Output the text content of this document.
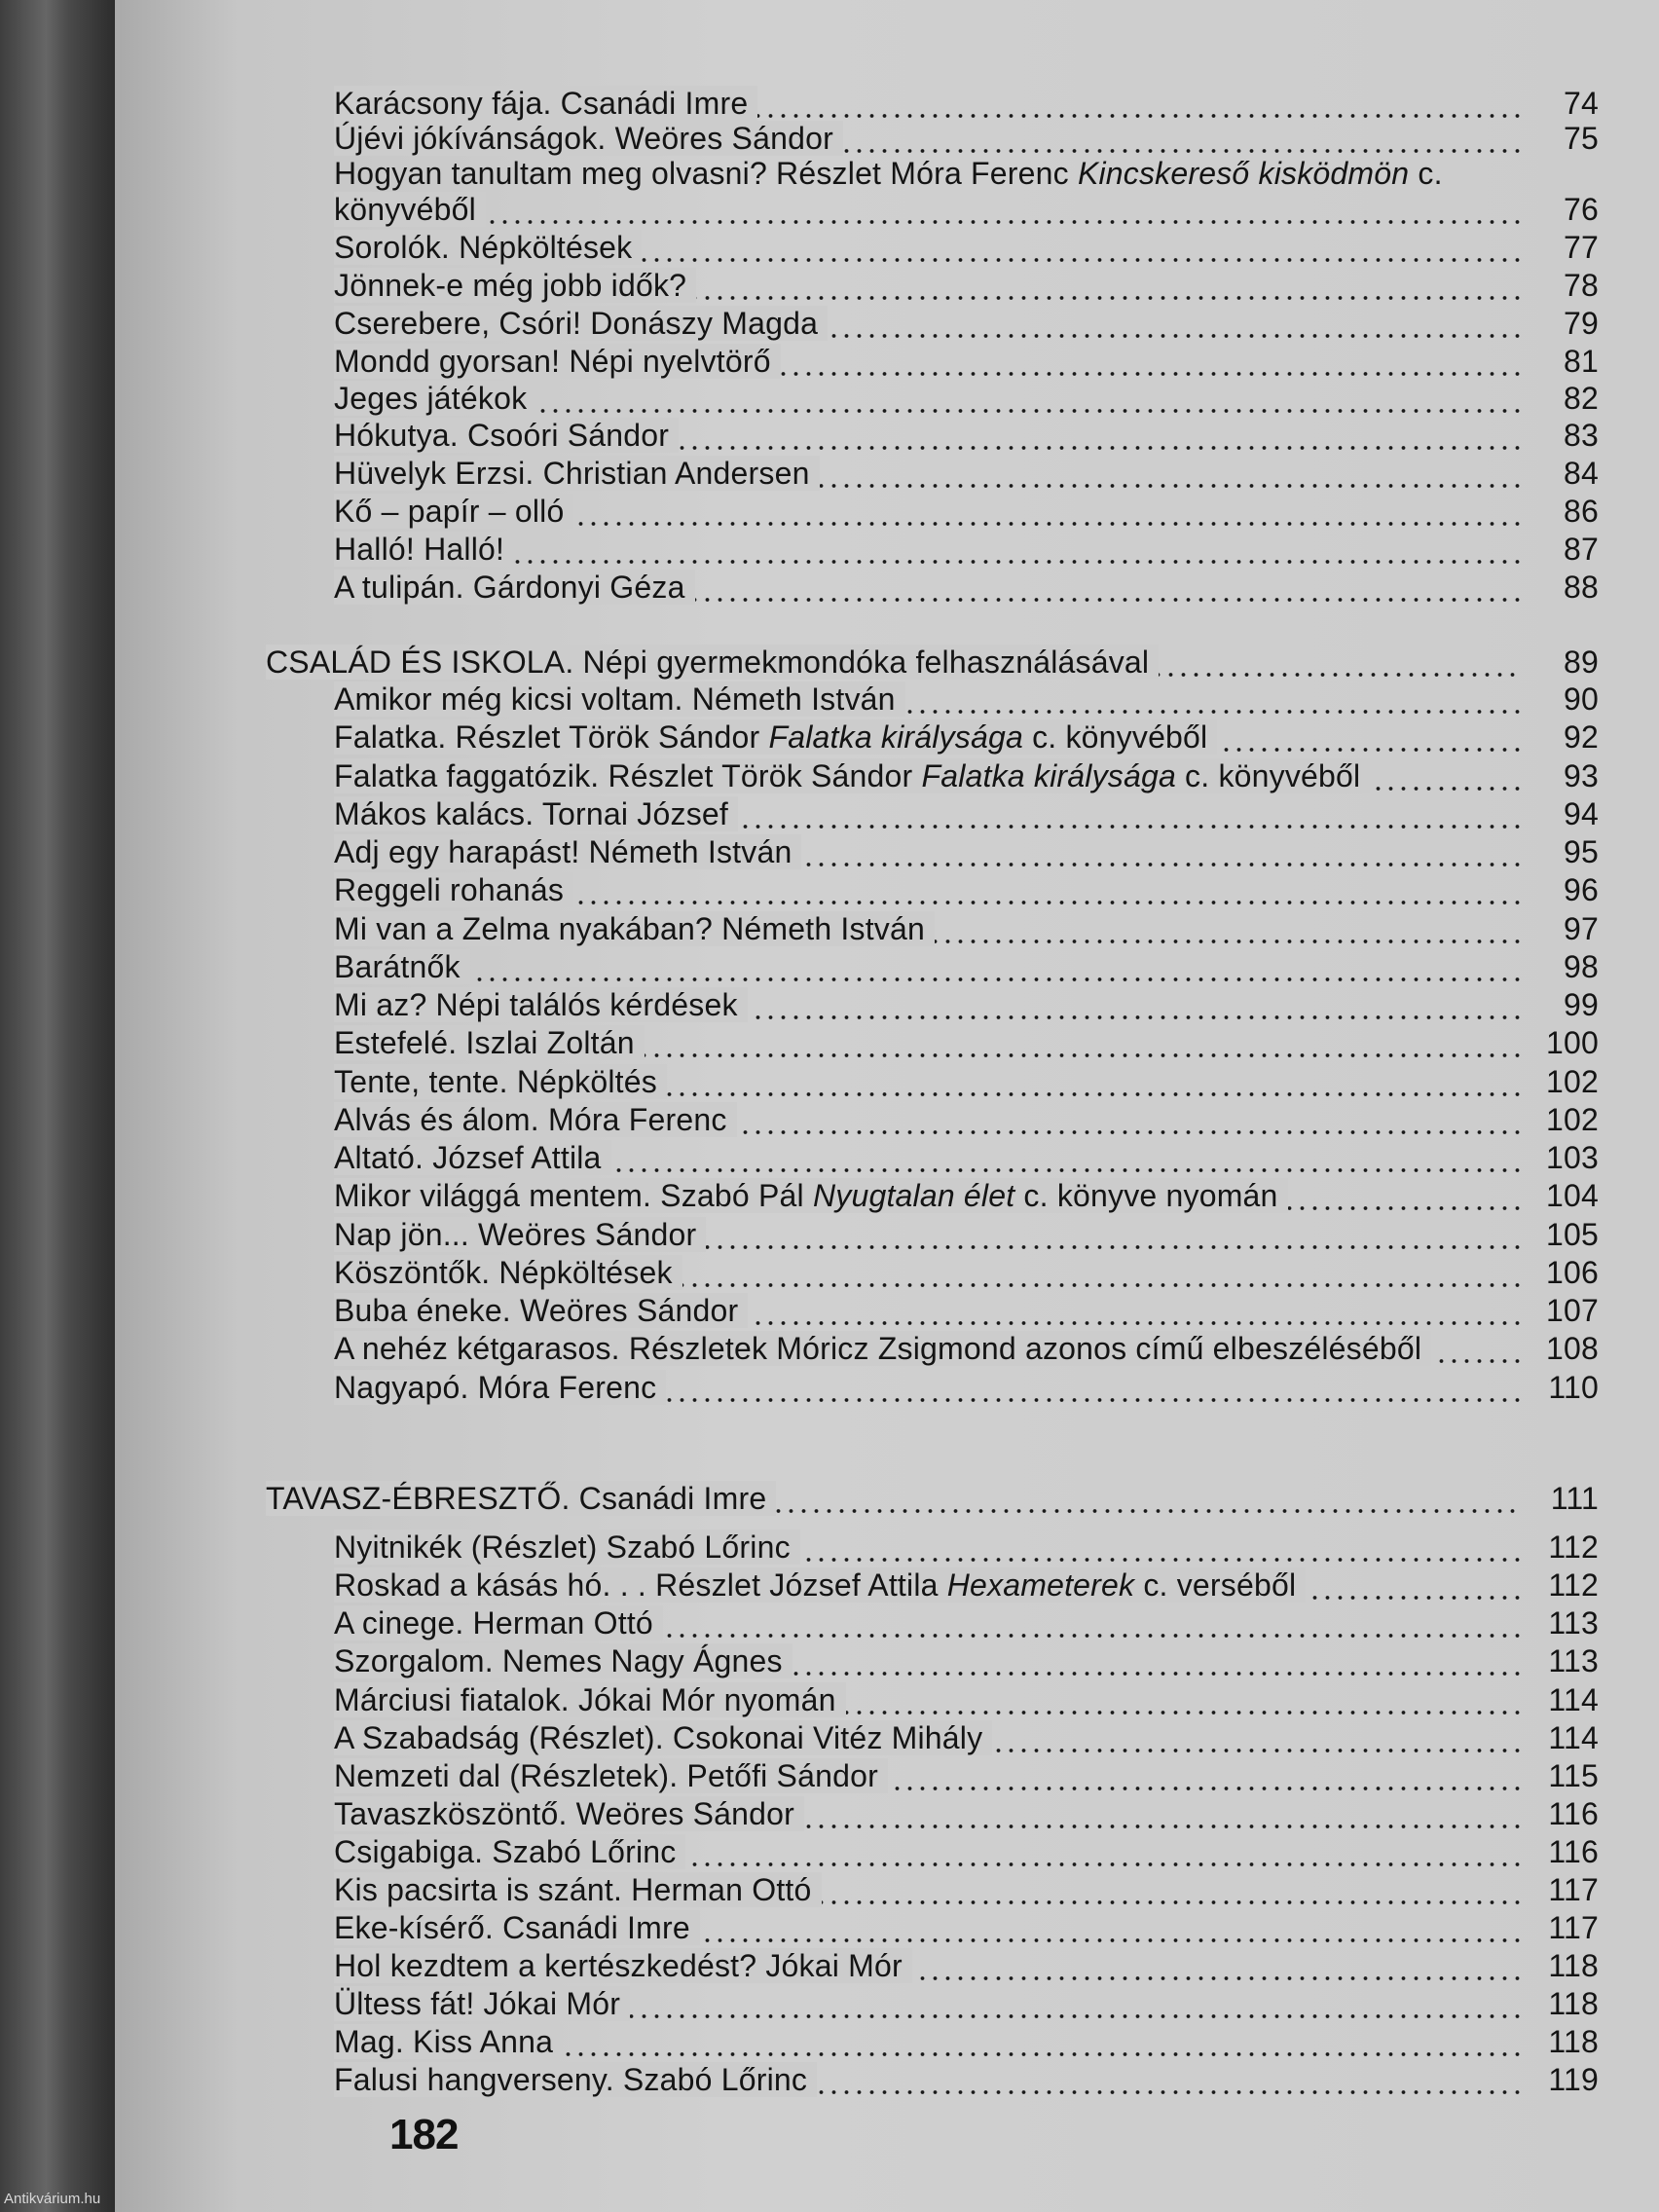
Karácsony fája. Csanádi Imre	74
Újévi jókívánságok. Weöres Sándor	75
Hogyan tanultam meg olvasni? Részlet Móra Ferenc Kincskereső kisködmön c.
könyvéből	76
Sorolók. Népköltések	77
Jönnek-e még jobb idők?	78
Cserebere, Csóri! Donászy Magda	79
Mondd gyorsan! Népi nyelvtörő	81
Jeges játékok	82
Hókutya. Csoóri Sándor	83
Hüvelyk Erzsi. Christian Andersen	84
Kő – papír – olló	86
Halló! Halló!	87
A tulipán. Gárdonyi Géza	88
CSALÁD ÉS ISKOLA. Népi gyermekmondóka felhasználásával	89
Amikor még kicsi voltam. Németh István	90
Falatka. Részlet Török Sándor Falatka királysága c. könyvéből	92
Falatka faggatózik. Részlet Török Sándor Falatka királysága c. könyvéből	93
Mákos kalács. Tornai József	94
Adj egy harapást! Németh István	95
Reggeli rohanás	96
Mi van a Zelma nyakában? Németh István	97
Barátnők	98
Mi az? Népi találós kérdések	99
Estefelé. Iszlai Zoltán	100
Tente, tente. Népköltés	102
Alvás és álom. Móra Ferenc	102
Altató. József Attila	103
Mikor világgá mentem. Szabó Pál Nyugtalan élet c. könyve nyomán	104
Nap jön... Weöres Sándor	105
Köszöntők. Népköltések	106
Buba éneke. Weöres Sándor	107
A nehéz kétgarasos. Részletek Móricz Zsigmond azonos című elbeszéléséből	108
Nagyapó. Móra Ferenc	110
TAVASZ-ÉBRESZTŐ. Csanádi Imre	111
Nyitnikék (Részlet) Szabó Lőrinc	112
Roskad a kásás hó. . . Részlet József Attila Hexameterek c. verséből	112
A cinege. Herman Ottó	113
Szorgalom. Nemes Nagy Ágnes	113
Márciusi fiatalok. Jókai Mór nyomán	114
A Szabadság (Részlet). Csokonai Vitéz Mihály	114
Nemzeti dal (Részletek). Petőfi Sándor	115
Tavaszköszöntő. Weöres Sándor	116
Csigabiga. Szabó Lőrinc	116
Kis pacsirta is szánt. Herman Ottó	117
Eke-kísérő. Csanádi Imre	117
Hol kezdtem a kertészkedést? Jókai Mór	118
Ültess fát! Jókai Mór	118
Mag. Kiss Anna	118
Falusi hangverseny. Szabó Lőrinc	119
182
Antikvárium.hu
